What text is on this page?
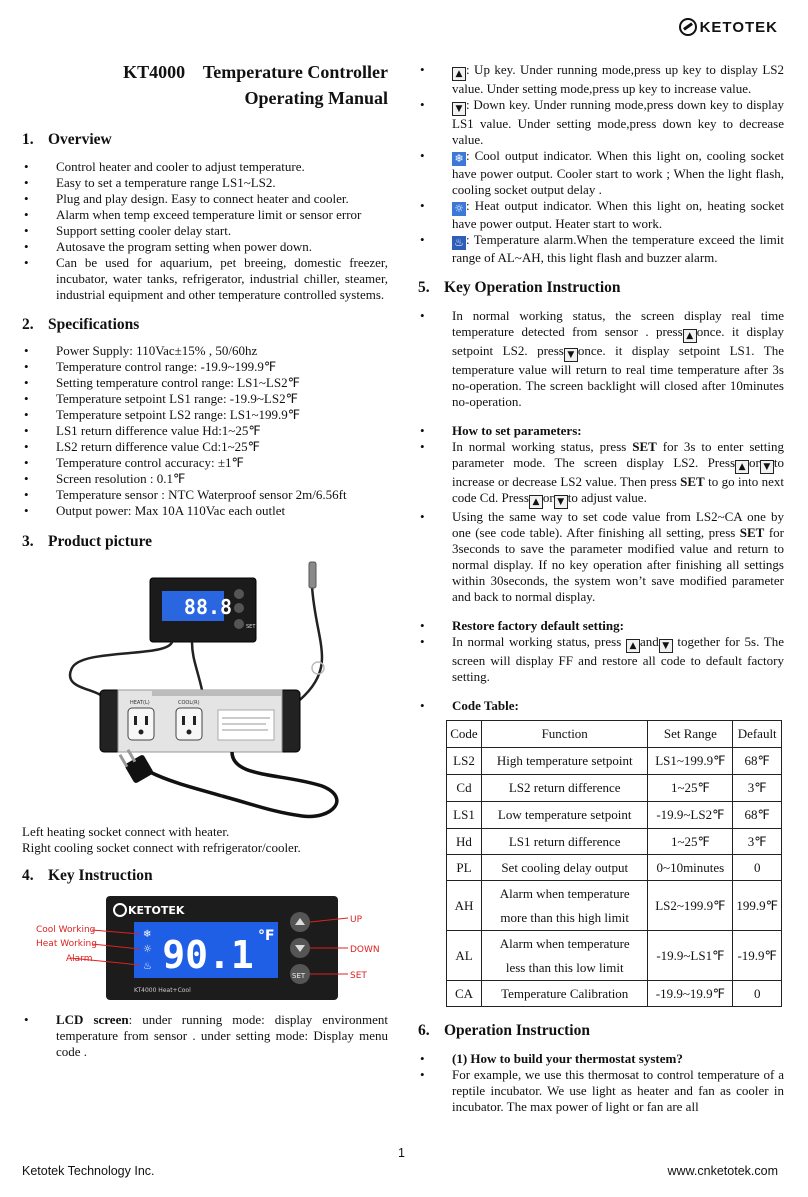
KETOTEK
KT4000    Temperature Controller
Operating Manual
1. Overview
• Control heater and cooler to adjust temperature.
• Easy to set a temperature range LS1~LS2.
• Plug and play design. Easy to connect heater and cooler.
• Alarm when temp exceed temperature limit or sensor error
• Support setting cooler delay start.
• Autosave the program setting when power down.
• Can be used for aquarium, pet breeing, domestic freezer, incubator, water tanks, refrigerator, industrial chiller, steamer, industrial equipment and other temperature controlled systems.
2. Specifications
• Power Supply: 110Vac±15% , 50/60hz
• Temperature control range: -19.9~199.9℉
• Setting temperature control range: LS1~LS2℉
• Temperature setpoint LS1 range: -19.9~LS2℉
• Temperature setpoint LS2 range: LS1~199.9℉
• LS1 return difference value Hd:1~25℉
• LS2 return difference value Cd:1~25℉
• Temperature control accuracy: ±1℉
• Screen resolution : 0.1℉
• Temperature sensor : NTC Waterproof sensor 2m/6.56ft
• Output power: Max 10A 110Vac each outlet
3. Product picture
88.8
SET
HEAT(L)	COOL(R)
Left heating socket connect with heater.
Right cooling socket connect with refrigerator/cooler.
4. Key Instruction
KETOTEK
❄
☼
♨ 90.1 °F
KT4000 Heat+Cool
SET
Cool Working
Heat Working
Alarm
UP
DOWN
SET
• LCD screen: under running mode: display environment temperature from sensor . under setting mode: Display menu code .
• ▲ : Up key. Under running mode,press up key to display LS2 value. Under setting mode,press up key to increase value.
• ▼ : Down key. Under running mode,press down key to display LS1 value. Under setting mode,press down key to decrease value.
• ❄ : Cool output indicator. When this light on, cooling socket have power output. Cooler start to work ; When the light flash, cooling socket output delay .
• ☼ : Heat output indicator. When this light on, heating socket have power output. Heater start to work.
• ♨ : Temperature alarm.When the temperature exceed the limit range of AL~AH, this light flash and buzzer alarm.
5. Key Operation Instruction
• In normal working status, the screen display real time temperature detected from sensor . press ▲ once. it display setpoint LS2. press ▼ once. it display setpoint LS1. The temperature value will return to real time temperature after 3s no-operation. The screen backlight will closed after 10minutes no-operation.
• How to set parameters:
• In normal working status, press SET for 3s to enter setting parameter mode. The screen display LS2. Press ▲ or ▼ to increase or decrease LS2 value. Then press SET to go into next code Cd. Press ▲ or ▼ to adjust value.
• Using the same way to set code value from LS2~CA one by one (see code table). After finishing all setting, press SET for 3seconds to save the parameter modified value and return to normal display. If no key operation after finishing all settings within 30seconds, the system won’t save modified parameter and back to normal display.
• Restore factory default setting:
• In normal working status, press ▲ and ▼ together for 5s. The screen will display FF and restore all code to default factory setting.
• Code Table:
Code	Function	Set Range	Default
LS2	High temperature setpoint	LS1~199.9℉	68℉
Cd	LS2 return difference	1~25℉	3℉
LS1	Low temperature setpoint	-19.9~LS2℉	68℉
Hd	LS1 return difference	1~25℉	3℉
PL	Set cooling delay output	0~10minutes	0
AH	Alarm when temperature more than this high limit	LS2~199.9℉	199.9℉
AL	Alarm when temperature less than this low limit	-19.9~LS1℉	-19.9℉
CA	Temperature Calibration	-19.9~19.9℉	0
6. Operation Instruction
• (1) How to build your thermostat system?
• For example, we use this thermosat to control temperature of a reptile incubator. We use light as heater and fan as cooler in incubator. The max power of light or fan are all
1
Ketotek Technology Inc.	www.cnketotek.com
